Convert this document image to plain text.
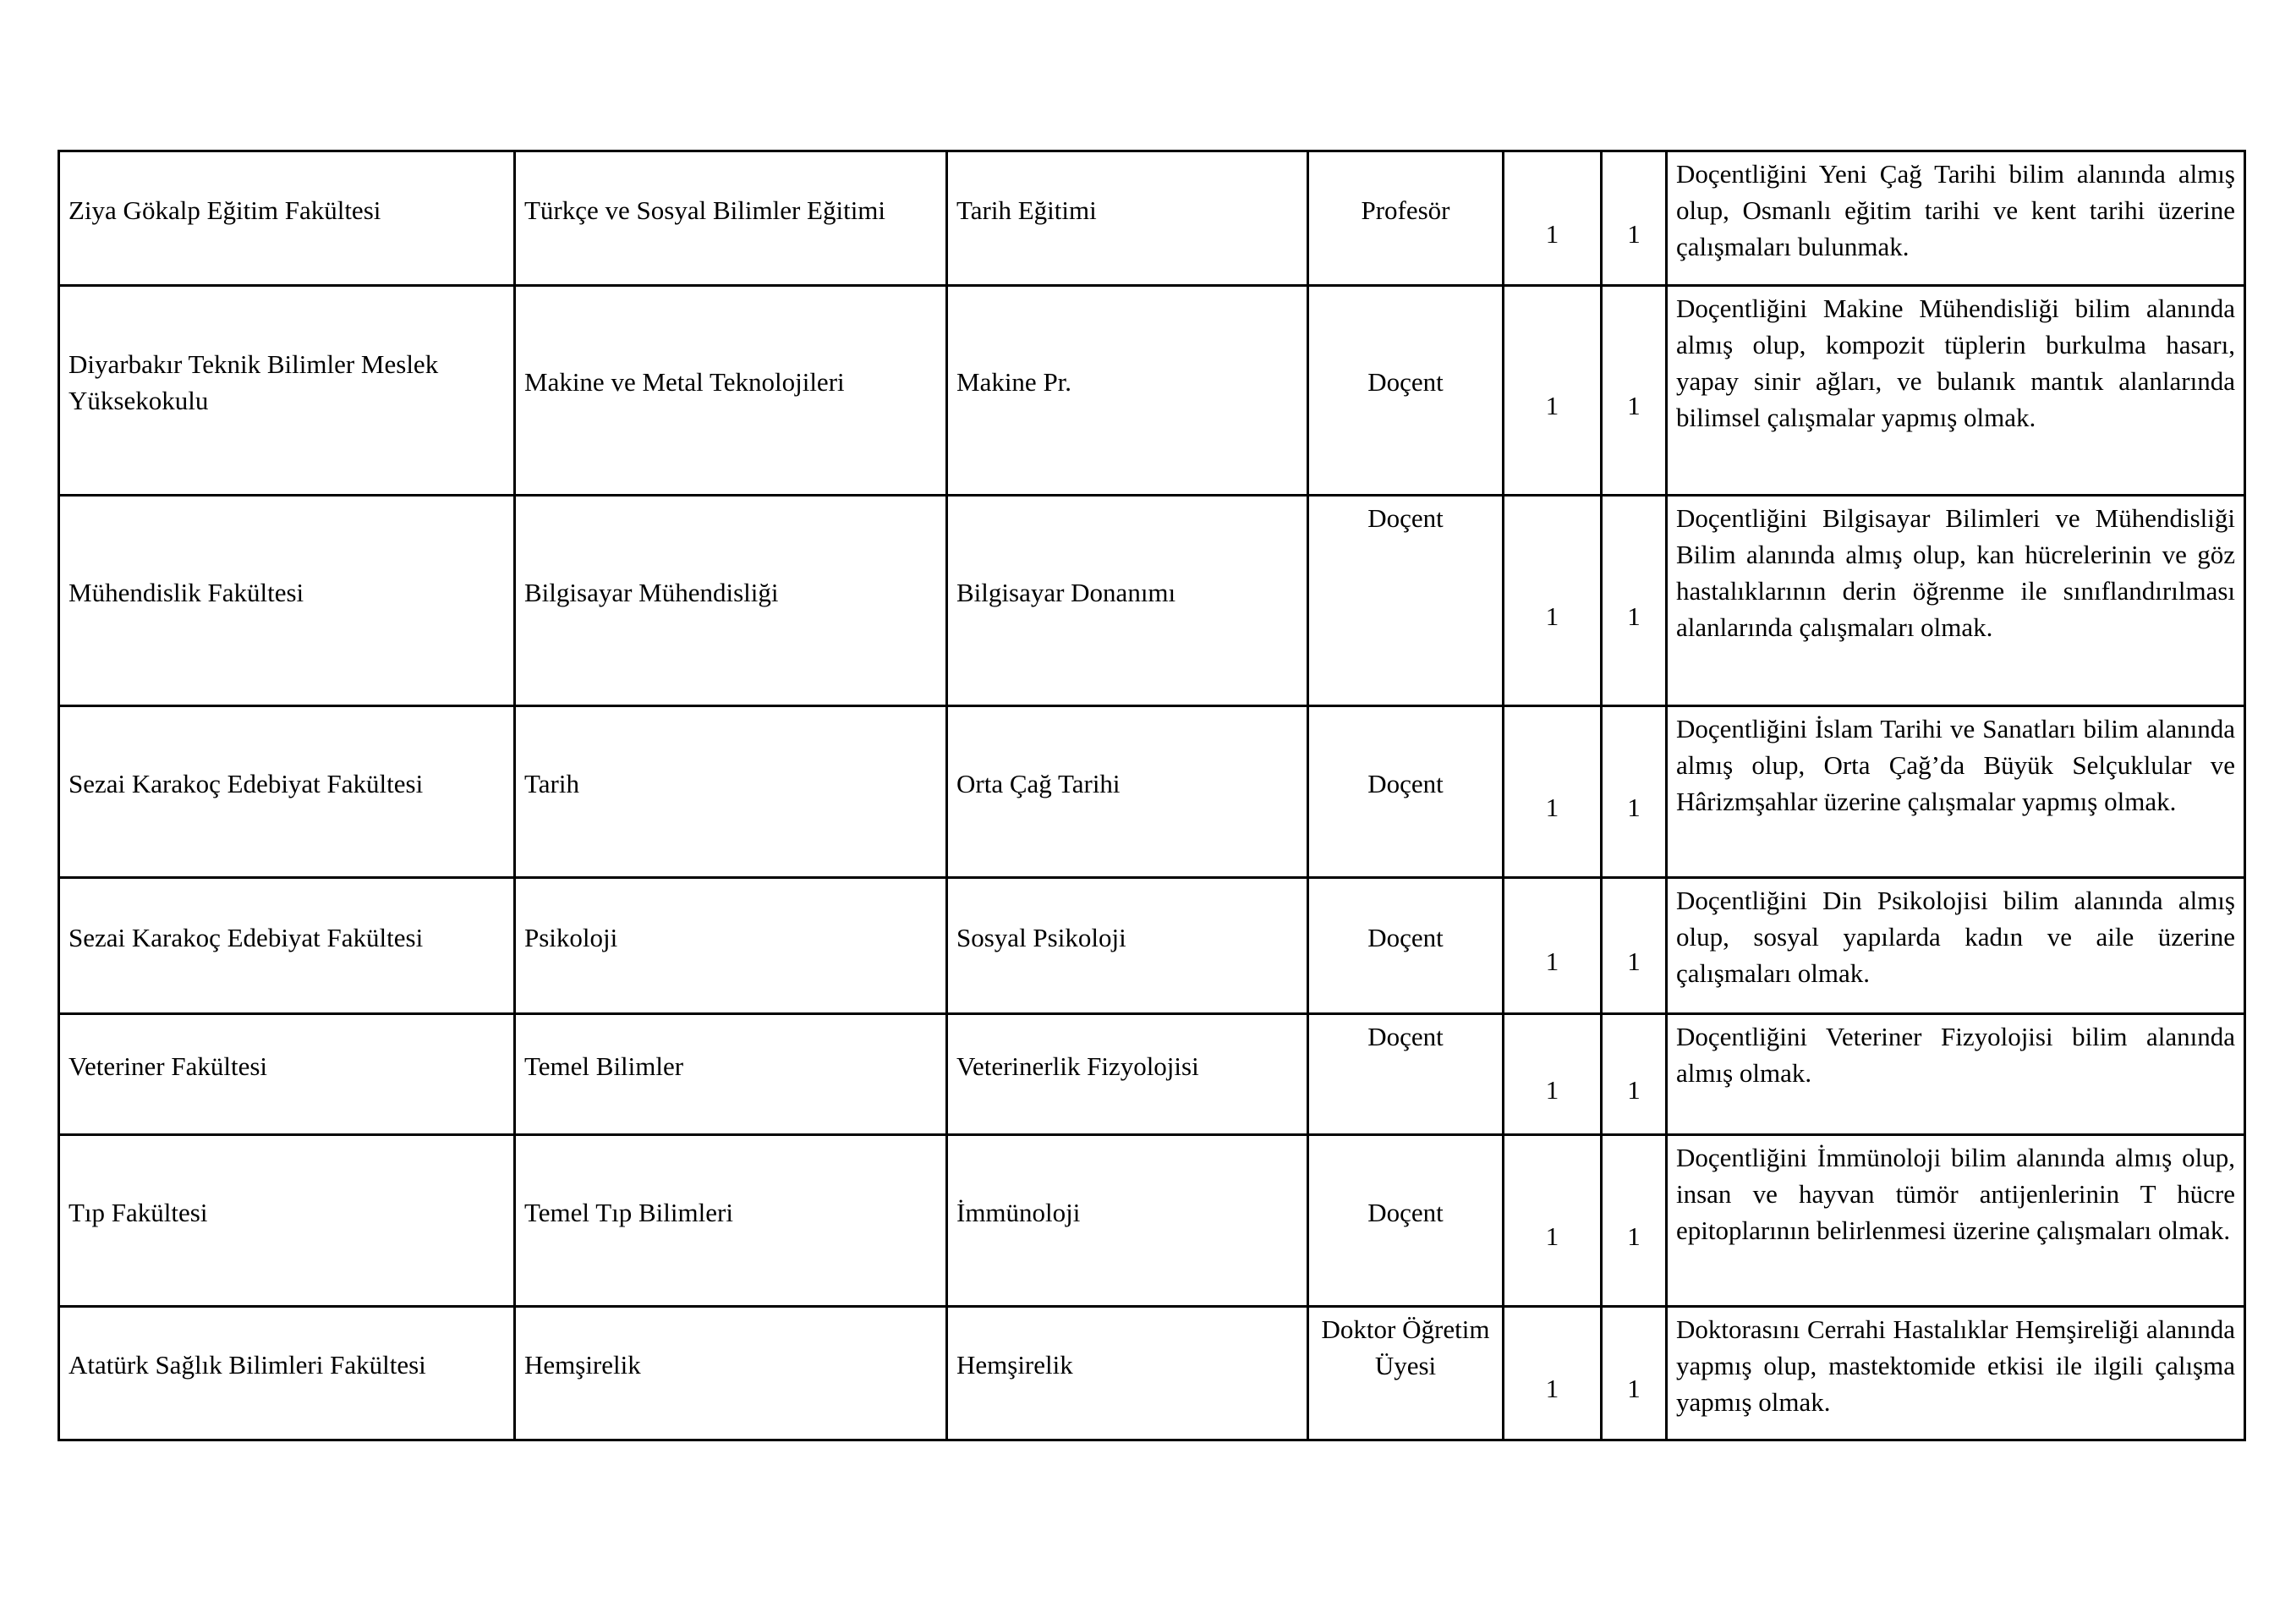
Ziya Gökalp Eğitim Fakültesi	Türkçe ve Sosyal Bilimler Eğitimi	Tarih Eğitimi	Profesör	1	1	Doçentliğini Yeni Çağ Tarihi bilim alanında almış olup, Osmanlı eğitim tarihi ve kent tarihi üzerine çalışmaları bulunmak.
Diyarbakır Teknik Bilimler Meslek Yüksekokulu	Makine ve Metal Teknolojileri	Makine Pr.	Doçent	1	1	Doçentliğini Makine Mühendisliği bilim alanında almış olup, kompozit tüplerin burkulma hasarı, yapay sinir ağları, ve bulanık mantık alanlarında bilimsel çalışmalar yapmış olmak.
Mühendislik Fakültesi	Bilgisayar Mühendisliği	Bilgisayar Donanımı	Doçent	1	1	Doçentliğini Bilgisayar Bilimleri ve Mühendisliği Bilim alanında almış olup, kan hücrelerinin ve göz hastalıklarının derin öğrenme ile sınıflandırılması alanlarında çalışmaları olmak.
Sezai Karakoç Edebiyat Fakültesi	Tarih	Orta Çağ Tarihi	Doçent	1	1	Doçentliğini İslam Tarihi ve Sanatları bilim alanında almış olup, Orta Çağ’da Büyük Selçuklular ve Hârizmşahlar üzerine çalışmalar yapmış olmak.
Sezai Karakoç Edebiyat Fakültesi	Psikoloji	Sosyal Psikoloji	Doçent	1	1	Doçentliğini Din Psikolojisi bilim alanında almış olup, sosyal yapılarda kadın ve aile üzerine çalışmaları olmak.
Veteriner Fakültesi	Temel Bilimler	Veterinerlik Fizyolojisi	Doçent	1	1	Doçentliğini Veteriner Fizyolojisi bilim alanında almış olmak.
Tıp Fakültesi	Temel Tıp Bilimleri	İmmünoloji	Doçent	1	1	Doçentliğini İmmünoloji bilim alanında almış olup, insan ve hayvan tümör antijenlerinin T hücre epitoplarının belirlenmesi üzerine çalışmaları olmak.
Atatürk Sağlık Bilimleri Fakültesi	Hemşirelik	Hemşirelik	Doktor Öğretim Üyesi	1	1	Doktorasını Cerrahi Hastalıklar Hemşireliği alanında yapmış olup, mastektomide etkisi ile ilgili çalışma yapmış olmak.
